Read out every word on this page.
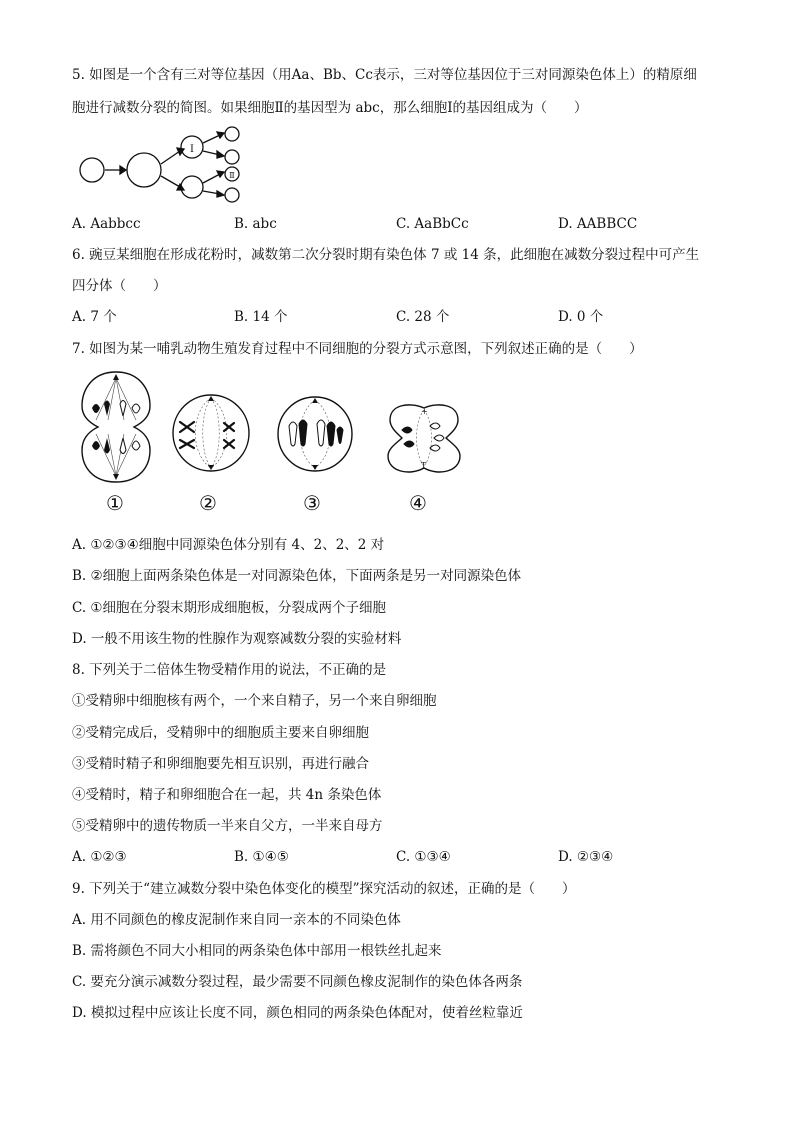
5. 如图是一个含有三对等位基因（用Aa、Bb、Cc表示，三对等位基因位于三对同源染色体上）的精原细
胞进行减数分裂的简图。如果细胞Ⅱ的基因型为 abc，那么细胞Ⅰ的基因组成为（　　）
Ⅰ
Ⅱ
A. Aabbcc	B. abc	C. AaBbCc	D. AABBCC
6. 豌豆某细胞在形成花粉时，减数第二次分裂时期有染色体 7 或 14 条，此细胞在减数分裂过程中可产生
四分体（　　）
A. 7 个	B. 14 个	C. 28 个	D. 0 个
7. 如图为某一哺乳动物生殖发育过程中不同细胞的分裂方式示意图，下列叙述正确的是（　　）
①	②	③
+
T
④
A. ①②③④细胞中同源染色体分别有 4、2、2、2 对
B. ②细胞上面两条染色体是一对同源染色体，下面两条是另一对同源染色体
C. ①细胞在分裂末期形成细胞板，分裂成两个子细胞
D. 一般不用该生物的性腺作为观察减数分裂的实验材料
8. 下列关于二倍体生物受精作用的说法，不正确的是
①受精卵中细胞核有两个，一个来自精子，另一个来自卵细胞
②受精完成后，受精卵中的细胞质主要来自卵细胞
③受精时精子和卵细胞要先相互识别，再进行融合
④受精时，精子和卵细胞合在一起，共 4n 条染色体
⑤受精卵中的遗传物质一半来自父方，一半来自母方
A. ①②③	B. ①④⑤	C. ①③④	D. ②③④
9. 下列关于“建立减数分裂中染色体变化的模型”探究活动的叙述，正确的是（　　）
A. 用不同颜色的橡皮泥制作来自同一亲本的不同染色体
B. 需将颜色不同大小相同的两条染色体中部用一根铁丝扎起来
C. 要充分演示减数分裂过程，最少需要不同颜色橡皮泥制作的染色体各两条
D. 模拟过程中应该让长度不同，颜色相同的两条染色体配对，使着丝粒靠近
